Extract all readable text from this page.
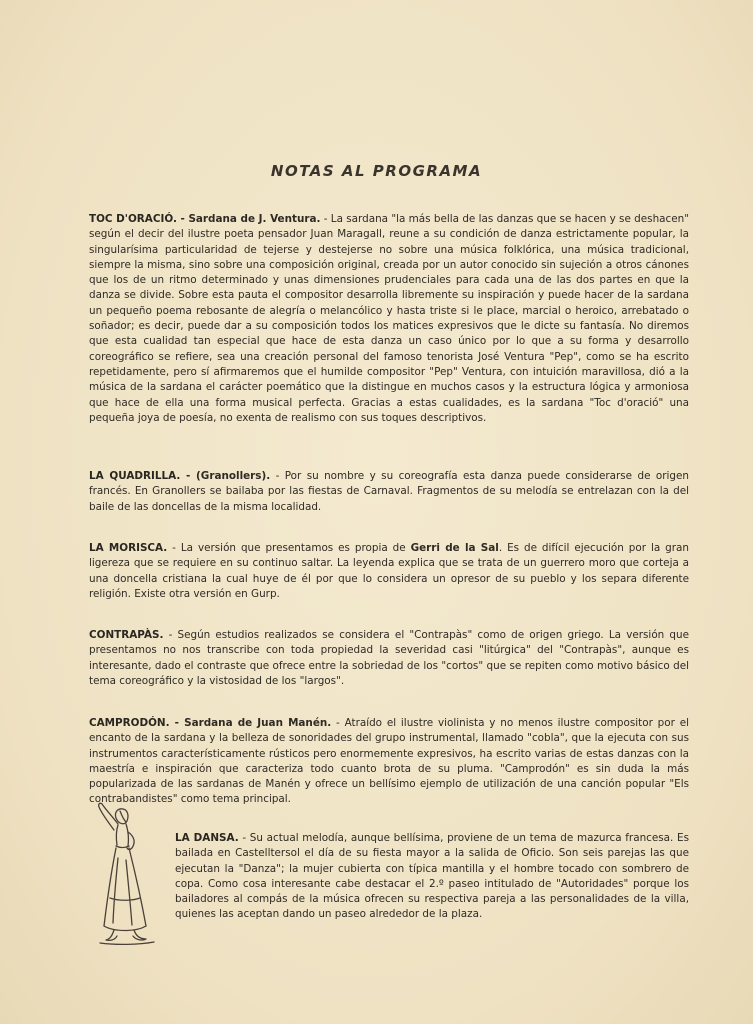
NOTAS AL PROGRAMA
TOC D'ORACIÓ. - Sardana de J. Ventura. - La sardana "la más bella de las danzas que se hacen y se deshacen" según el decir del ilustre poeta pensador Juan Maragall, reune a su condición de danza estrictamente popular, la singularísima particularidad de tejerse y destejerse no sobre una música folklórica, una música tradicional, siempre la misma, sino sobre una composición original, creada por un autor conocido sin sujeción a otros cánones que los de un ritmo determinado y unas dimensiones prudenciales para cada una de las dos partes en que la danza se divide. Sobre esta pauta el compositor desarrolla libremente su inspiración y puede hacer de la sardana un pequeño poema rebosante de alegría o melancólico y hasta triste si le place, marcial o heroico, arrebatado o soñador; es decir, puede dar a su composición todos los matices expresivos que le dicte su fantasía. No diremos que esta cualidad tan especial que hace de esta danza un caso único por lo que a su forma y desarrollo coreográfico se refiere, sea una creación personal del famoso tenorista José Ventura "Pep", como se ha escrito repetidamente, pero sí afirmaremos que el humilde compositor "Pep" Ventura, con intuición maravillosa, dió a la música de la sardana el carácter poemático que la distingue en muchos casos y la estructura lógica y armoniosa que hace de ella una forma musical perfecta. Gracias a estas cualidades, es la sardana "Toc d'oració" una pequeña joya de poesía, no exenta de realismo con sus toques descriptivos.
LA QUADRILLA. - (Granollers). - Por su nombre y su coreografía esta danza puede considerarse de origen francés. En Granollers se bailaba por las fiestas de Carnaval. Fragmentos de su melodía se entrelazan con la del baile de las doncellas de la misma localidad.
LA MORISCA. - La versión que presentamos es propia de Gerri de la Sal. Es de difícil ejecución por la gran ligereza que se requiere en su continuo saltar. La leyenda explica que se trata de un guerrero moro que corteja a una doncella cristiana la cual huye de él por que lo considera un opresor de su pueblo y los separa diferente religión. Existe otra versión en Gurp.
CONTRAPÀS. - Según estudios realizados se considera el "Contrapàs" como de origen griego. La versión que presentamos no nos transcribe con toda propiedad la severidad casi "litúrgica" del "Contrapàs", aunque es interesante, dado el contraste que ofrece entre la sobriedad de los "cortos" que se repiten como motivo básico del tema coreográfico y la vistosidad de los "largos".
CAMPRODÓN. - Sardana de Juan Manén. - Atraído el ilustre violinista y no menos ilustre compositor por el encanto de la sardana y la belleza de sonoridades del grupo instrumental, llamado "cobla", que la ejecuta con sus instrumentos característicamente rústicos pero enormemente expresivos, ha escrito varias de estas danzas con la maestría e inspiración que caracteriza todo cuanto brota de su pluma. "Camprodón" es sin duda la más popularizada de las sardanas de Manén y ofrece un bellísimo ejemplo de utilización de una canción popular "Els contrabandistes" como tema principal.
LA DANSA. - Su actual melodía, aunque bellísima, proviene de un tema de mazurca francesa. Es bailada en Castelltersol el día de su fiesta mayor a la salida de Oficio. Son seis parejas las que ejecutan la "Danza"; la mujer cubierta con típica mantilla y el hombre tocado con sombrero de copa. Como cosa interesante cabe destacar el 2.º paseo intitulado de "Autoridades" porque los bailadores al compás de la música ofrecen su respectiva pareja a las personalidades de la villa, quienes las aceptan dando un paseo alrededor de la plaza.
